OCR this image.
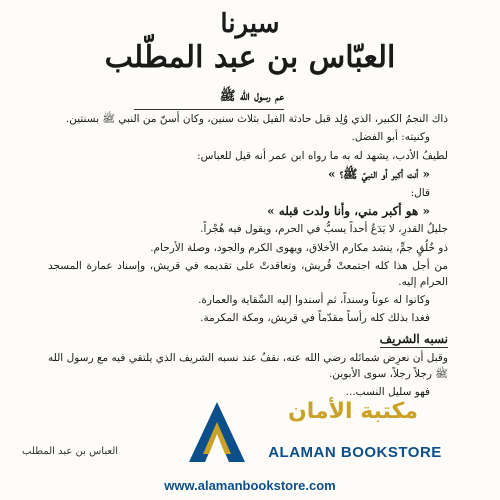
سيرنا
العبّاس بن عبد المطّلب
عم رسول الله ﷺ

ذاك النجمُ الكبير، الذي وُلِد قبل حادثة الفيل بثلاث سنين، وكان أسنّ من النبي ﷺ بسنتين.

وكنيته: أبو الفضل.

لطيفُ الأدب، يشهد له به ما رواه ابن عمر أنه قيل للعباس:

« أنت أكبر أو النبيّ ﷺ؟ »

قال:

« هو أكبر مني، وأنا ولدت قبله »

جليلُ القدرِ، لا يَدَعُ أحداً يسبُّ في الحرم، ويقول فيه هُجْراً.

ذو خُلُقٍ جمٍّ، ينشد مكارم الأخلاق، ويهوى الكرم والجود، وصلة الأرحام.

من أجل هذا كله اجتمعتْ قُريش، وتعاقدتْ على تقديمه في قريش، وإسناد عمارة المسجد الحرام إليه.

وكانوا له عوناً وسنداً، ثم أسندوا إليه السِّقاية والعمارة.

فغدا بذلك كله رأساً مقدّماً في قريش، ومكة المكرمة.

نسبه الشريف

وقبل أن نعرِض شمائله رضي الله عنه، نقفُ عند نسبه الشريف الذي يلتقي فيه مع رسول الله ﷺ رجلاً رجلاً، سوى الأبوين.

فهو سليل النسب...

العباس بن عبد المطلب
مكتبة الأمان
ALAMAN BOOKSTORE
www.alamanbookstore.com
